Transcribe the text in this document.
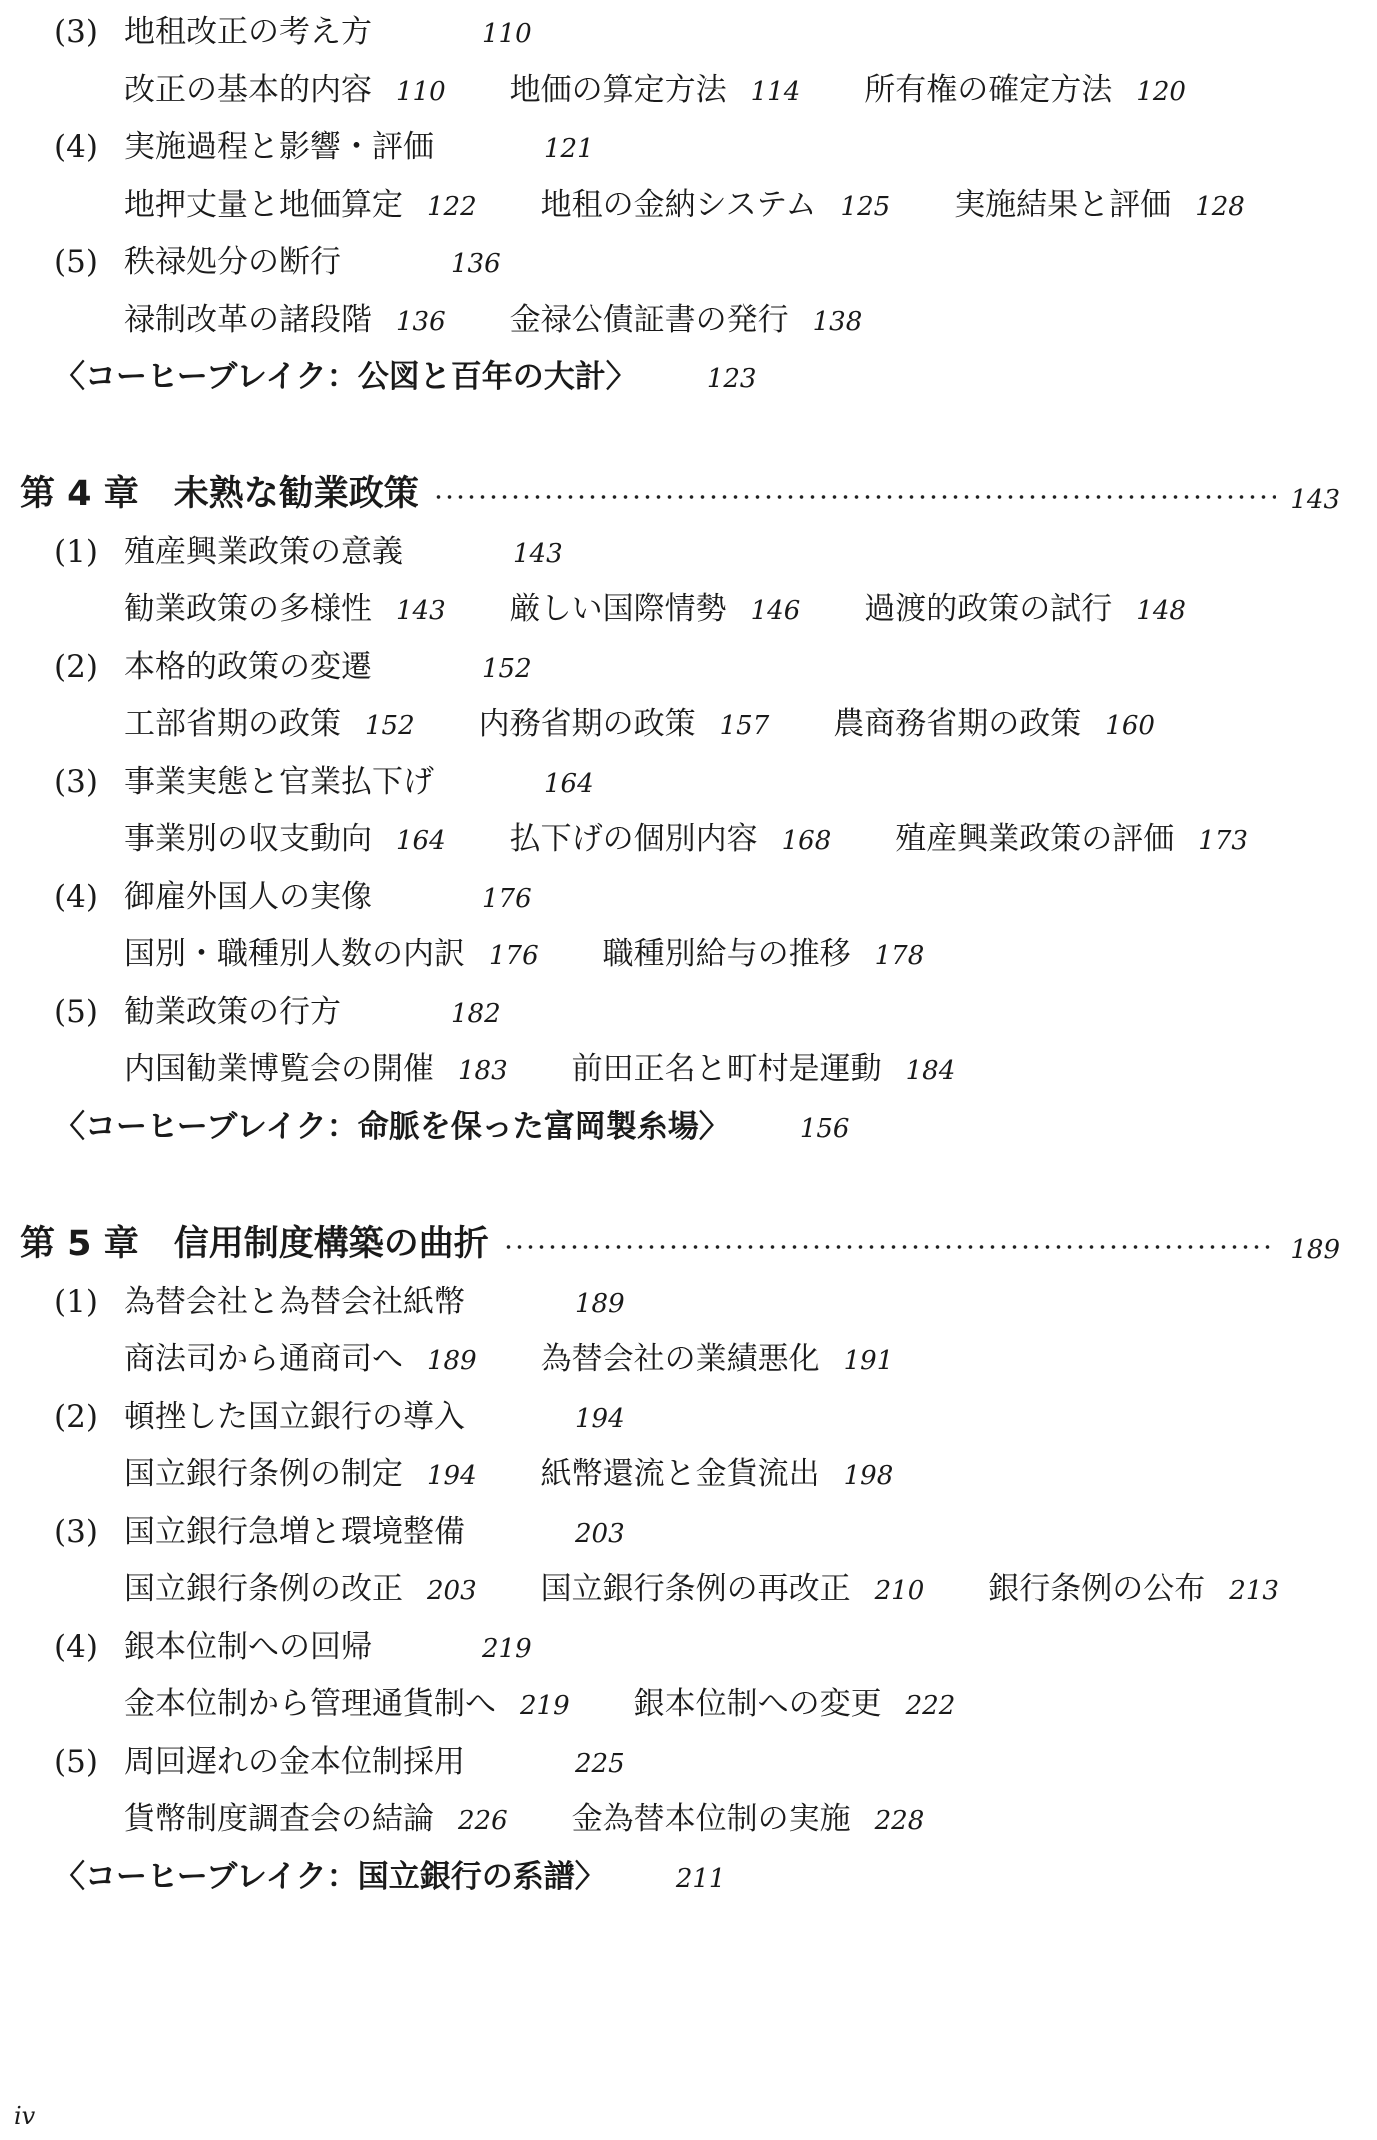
(3) 地租改正の考え方	110
改正の基本的内容 110 地価の算定方法 114 所有権の確定方法 120
(4) 実施過程と影響・評価	121
地押丈量と地価算定 122 地租の金納システム 125 実施結果と評価 128
(5) 秩禄処分の断行	136
禄制改革の諸段階 136 金禄公債証書の発行 138
〈コーヒーブレイク：公図と百年の大計〉	123
第 4 章　未熟な勧業政策	143
(1) 殖産興業政策の意義	143
勧業政策の多様性 143 厳しい国際情勢 146 過渡的政策の試行 148
(2) 本格的政策の変遷	152
工部省期の政策 152 内務省期の政策 157 農商務省期の政策 160
(3) 事業実態と官業払下げ	164
事業別の収支動向 164 払下げの個別内容 168 殖産興業政策の評価 173
(4) 御雇外国人の実像	176
国別・職種別人数の内訳 176 職種別給与の推移 178
(5) 勧業政策の行方	182
内国勧業博覧会の開催 183 前田正名と町村是運動 184
〈コーヒーブレイク：命脈を保った富岡製糸場〉	156
第 5 章　信用制度構築の曲折	189
(1) 為替会社と為替会社紙幣	189
商法司から通商司へ 189 為替会社の業績悪化 191
(2) 頓挫した国立銀行の導入	194
国立銀行条例の制定 194 紙幣還流と金貨流出 198
(3) 国立銀行急増と環境整備	203
国立銀行条例の改正 203 国立銀行条例の再改正 210 銀行条例の公布 213
(4) 銀本位制への回帰	219
金本位制から管理通貨制へ 219 銀本位制への変更 222
(5) 周回遅れの金本位制採用	225
貨幣制度調査会の結論 226 金為替本位制の実施 228
〈コーヒーブレイク：国立銀行の系譜〉	211
iv
